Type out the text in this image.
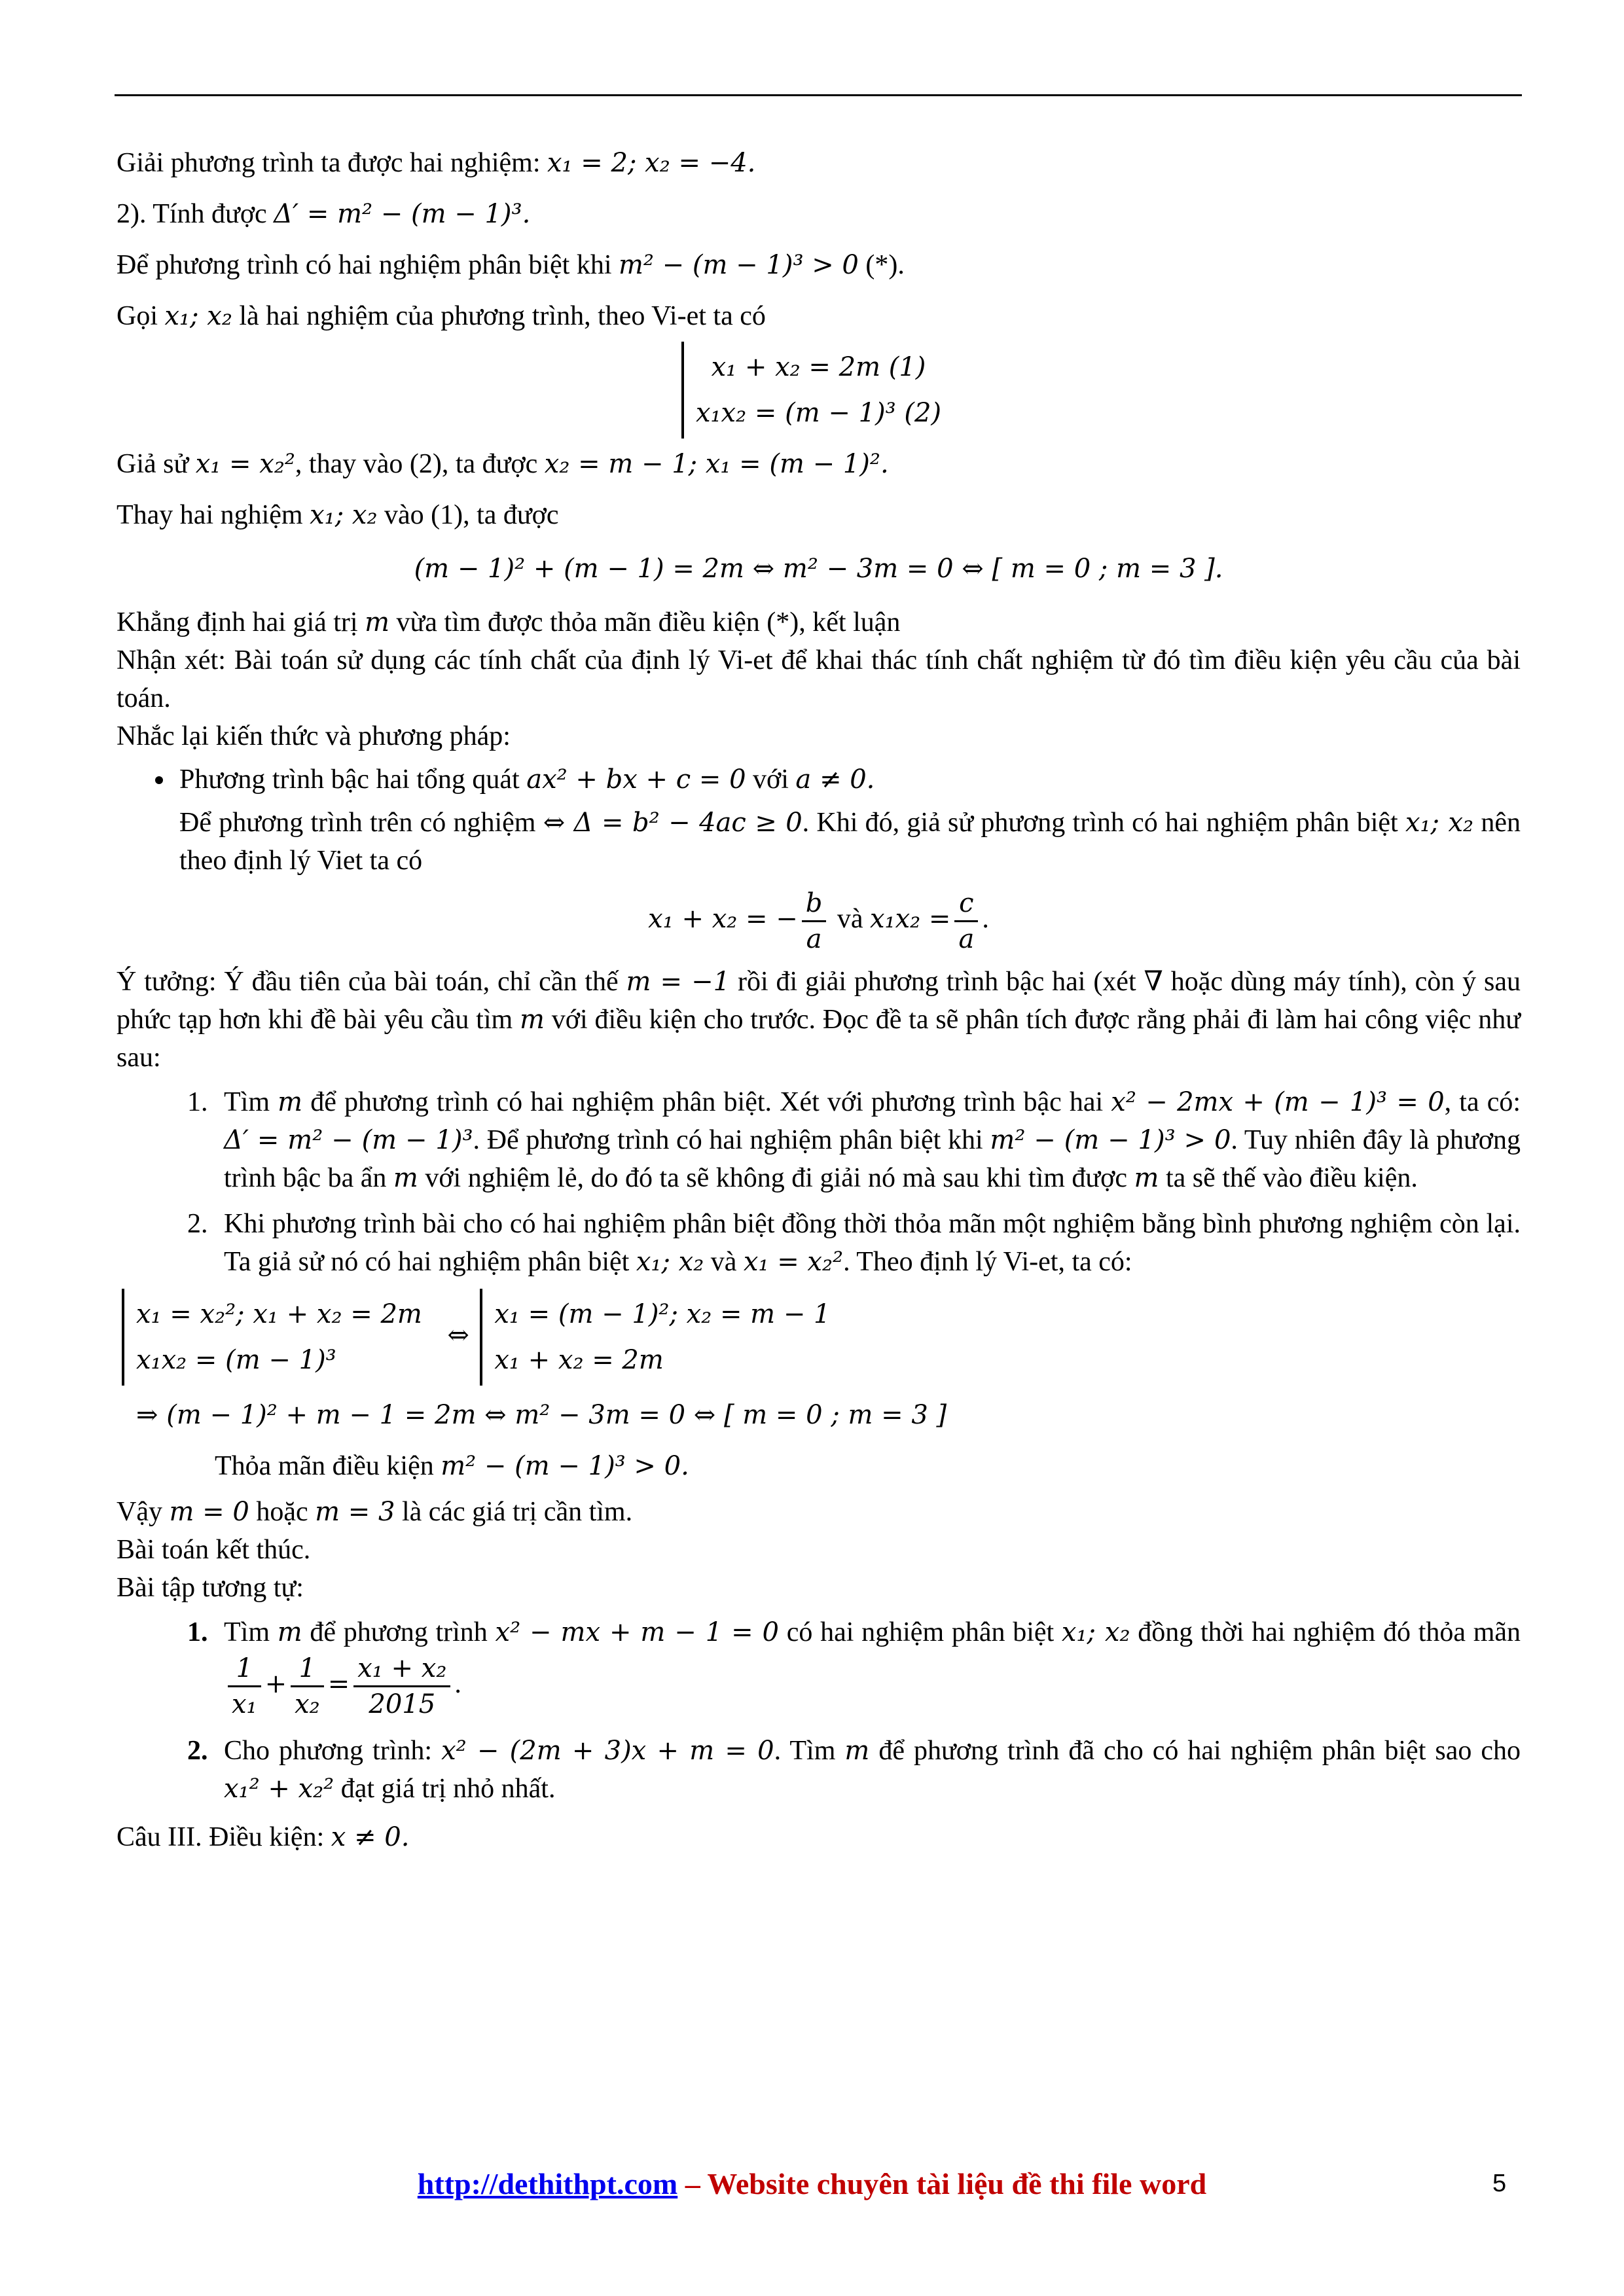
Giải phương trình ta được hai nghiệm: x₁ = 2; x₂ = −4.

2). Tính được Δ′ = m² − (m − 1)³.

Để phương trình có hai nghiệm phân biệt khi m² − (m − 1)³ > 0 (*).

Gọi x₁; x₂ là hai nghiệm của phương trình, theo Vi-et ta có

x₁ + x₂ = 2m (1)
x₁x₂ = (m − 1)³ (2)

Giả sử x₁ = x₂², thay vào (2), ta được x₂ = m − 1; x₁ = (m − 1)².

Thay hai nghiệm x₁; x₂ vào (1), ta được

(m − 1)² + (m − 1) = 2m ⇔ m² − 3m = 0 ⇔ [ m = 0 ; m = 3 ].

Khẳng định hai giá trị m vừa tìm được thỏa mãn điều kiện (*), kết luận

Nhận xét: Bài toán sử dụng các tính chất của định lý Vi-et để khai thác tính chất nghiệm từ đó tìm điều kiện yêu cầu của bài toán.

Nhắc lại kiến thức và phương pháp:

• Phương trình bậc hai tổng quát ax² + bx + c = 0 với a ≠ 0.

Để phương trình trên có nghiệm ⇔ Δ = b² − 4ac ≥ 0. Khi đó, giả sử phương trình có hai nghiệm phân biệt x₁; x₂ nên theo định lý Viet ta có

x₁ + x₂ = − $\frac{b}{a}$ và $x_1x_2 = \frac{c}{a}$ .

Ý tưởng: Ý đầu tiên của bài toán, chỉ cần thế m = −1 rồi đi giải phương trình bậc hai (xét ∇ hoặc dùng máy tính), còn ý sau phức tạp hơn khi đề bài yêu cầu tìm m với điều kiện cho trước. Đọc đề ta sẽ phân tích được rằng phải đi làm hai công việc như sau:

1. Tìm m để phương trình có hai nghiệm phân biệt. Xét với phương trình bậc hai x² − 2mx + (m − 1)³ = 0, ta có: Δ′ = m² − (m − 1)³. Để phương trình có hai nghiệm phân biệt khi m² − (m − 1)³ > 0. Tuy nhiên đây là phương trình bậc ba ẩn m với nghiệm lẻ, do đó ta sẽ không đi giải nó mà sau khi tìm được m ta sẽ thế vào điều kiện.
2. Khi phương trình bài cho có hai nghiệm phân biệt đồng thời thỏa mãn một nghiệm bằng bình phương nghiệm còn lại. Ta giả sử nó có hai nghiệm phân biệt x₁; x₂ và x₁ = x₂². Theo định lý Vi-et, ta có:
x₁ = x₂²; x₁ + x₂ = 2m
x₁x₂ = (m − 1)³
⇔
x₁ = (m − 1)²; x₂ = m − 1
x₁ + x₂ = 2m

⇒ (m − 1)² + m − 1 = 2m ⇔ m² − 3m = 0 ⇔ [ m = 0 ; m = 3 ]

Thỏa mãn điều kiện m² − (m − 1)³ > 0.

Vậy m = 0 hoặc m = 3 là các giá trị cần tìm.

Bài toán kết thúc.

Bài tập tương tự:

1. Tìm m để phương trình x² − mx + m − 1 = 0 có hai nghiệm phân biệt x₁; x₂ đồng thời hai nghiệm đó thỏa mãn
$\frac{1}{\text{x₁}} + \frac{1}{\text{x₂}} = \frac{\text{x₁ + x₂}}{2015}$ .
2. Cho phương trình: x² − (2m + 3)x + m = 0. Tìm m để phương trình đã cho có hai nghiệm phân biệt sao cho x₁² + x₂² đạt giá trị nhỏ nhất.

Câu III. Điều kiện: x ≠ 0.

http://dethithpt.com – Website chuyên tài liệu đề thi file word	5
